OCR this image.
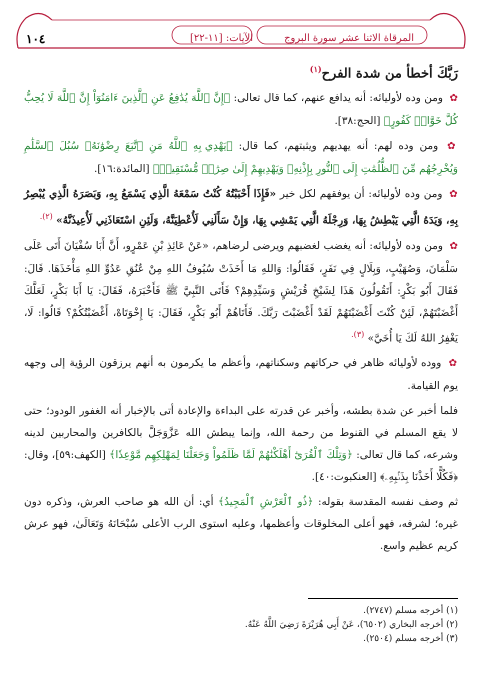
١٠٤	الآيات: [١١-٢٢]	المرقاة الاثنا عشر سورة البروج
رَبَّكَ أخطأ من شدة الفرح$^{(١)}$
✿ ومن وده لأوليائه: أنه يدافع عنهم، كما قال تعالى: ﴿إِنَّ ٱللَّهَ يُدَٰفِعُ عَنِ ٱلَّذِينَ ءَامَنُوٓاْ إِنَّ ٱللَّهَ لَا يُحِبُّ كُلَّ خَوَّانٖ كَفُورٍ﴾ [الحج:٣٨].
✿ ومن وده لهم: أنه يهديهم ويثبتهم، كما قال: ﴿يَهْدِي بِهِ ٱللَّهُ مَنِ ٱتَّبَعَ رِضْوَٰنَهُۥ سُبُلَ ٱلسَّلَٰمِ وَيُخْرِجُهُم مِّنَ ٱلظُّلُمَٰتِ إِلَى ٱلنُّورِ بِإِذْنِهِۦ وَيَهْدِيهِمْ إِلَىٰ صِرَٰطٖ مُّسْتَقِيمٖ﴾ [المائدة:١٦].
✿ ومن وده لأوليائه: أن يوفقهم لكل خير «فَإِذَا أَحْبَبْتُهُ كُنْتُ سَمْعَهُ الَّذِي يَسْمَعُ بِهِ، وَبَصَرَهُ الَّذِي يُبْصِرُ بِهِ، وَيَدَهُ الَّتِي يَبْطِشُ بِهَا، وَرِجْلَهُ الَّتِي يَمْشِي بِهَا، وَإِنْ سَأَلَنِي لَأُعْطِيَنَّهُ، وَلَئِنِ اسْتَعَاذَنِي لَأُعِيذَنَّهُ» $^{(٢).}$
✿ ومن وده لأوليائه: أنه يغضب لغضبهم ويرضى لرضاهم، «عَنْ عَائِذِ بْنِ عَمْرٍو، أَنَّ أَبَا سُفْيَانَ أَتَى عَلَى سَلْمَانَ، وَصُهَيْبٍ، وَبِلَالٍ فِي نَفَرٍ، فَقَالُوا: وَاللهِ مَا أَخَذَتْ سُيُوفُ اللهِ مِنْ عُنُقِ عَدُوِّ اللهِ مَأْخَذَهَا. قَالَ: فَقَالَ أَبُو بَكْرٍ: أَتَقُولُونَ هَذَا لِشَيْخِ قُرَيْشٍ وَسَيِّدِهِمْ؟ فَأَتَى النَّبِيَّ ﷺ فَأَخْبَرَهُ، فَقَالَ: يَا أَبَا بَكْرٍ، لَعَلَّكَ أَغْضَبْتَهُمْ، لَئِنْ كُنْتَ أَغْضَبْتَهُمْ لَقَدْ أَغْضَبْتَ رَبَّكَ. فَأَتَاهُمْ أَبُو بَكْرٍ، فَقَالَ: يَا إِخْوَتَاهْ، أَغْضَبْتُكُمْ؟ قَالُوا: لَا، يَغْفِرُ اللهُ لَكَ يَا أُخَيَّ» $^{(٣).}$
✿ ووده لأوليائه ظاهر في حركاتهم وسكناتهم، وأعظم ما يكرمون به أنهم يرزقون الرؤية إلى وجهه يوم القيامة.
فلما أخبر عن شدة بطشه، وأخبر عن قدرته على البداءة والإعادة أتى بالإخبار أنه الغفور الودود؛ حتى لا يقع المسلم في القنوط من رحمة الله، وإنما يبطش الله عَزَّوَجَلَّ بالكافرين والمحاربين لدينه وشرعه، كما قال تعالى: ﴿وَتِلْكَ ٱلْقُرَىٰٓ أَهْلَكْنَٰهُمْ لَمَّا ظَلَمُواْ وَجَعَلْنَا لِمَهْلِكِهِم مَّوْعِدٗا﴾ [الكهف:٥٩]، وقال: ﴿فَكُلًّا أَخَذْنَا بِذَنۢبِهِۦ﴾ [العنكبوت:٤٠].
ثم وصف نفسه المقدسة بقوله: ﴿ذُو ٱلْعَرْشِ ٱلْمَجِيدُ﴾ أي: أن الله هو صاحب العرش، وذكره دون غيره؛ لشرفه، فهو أعلى المخلوقات وأعظمها، وعليه استوى الرب الأعلى سُبْحَانَهُ وَتَعَالَىٰ، فهو عرش كريم عظيم واسع.
(١) أخرجه مسلم (٢٧٤٧).
(٢) أخرجه البخاري (٦٥٠٢)، عَنْ أَبِي هُرَيْرَةَ رَضِيَ اللَّهُ عَنْهُ.
(٣) أخرجه مسلم (٢٥٠٤).
